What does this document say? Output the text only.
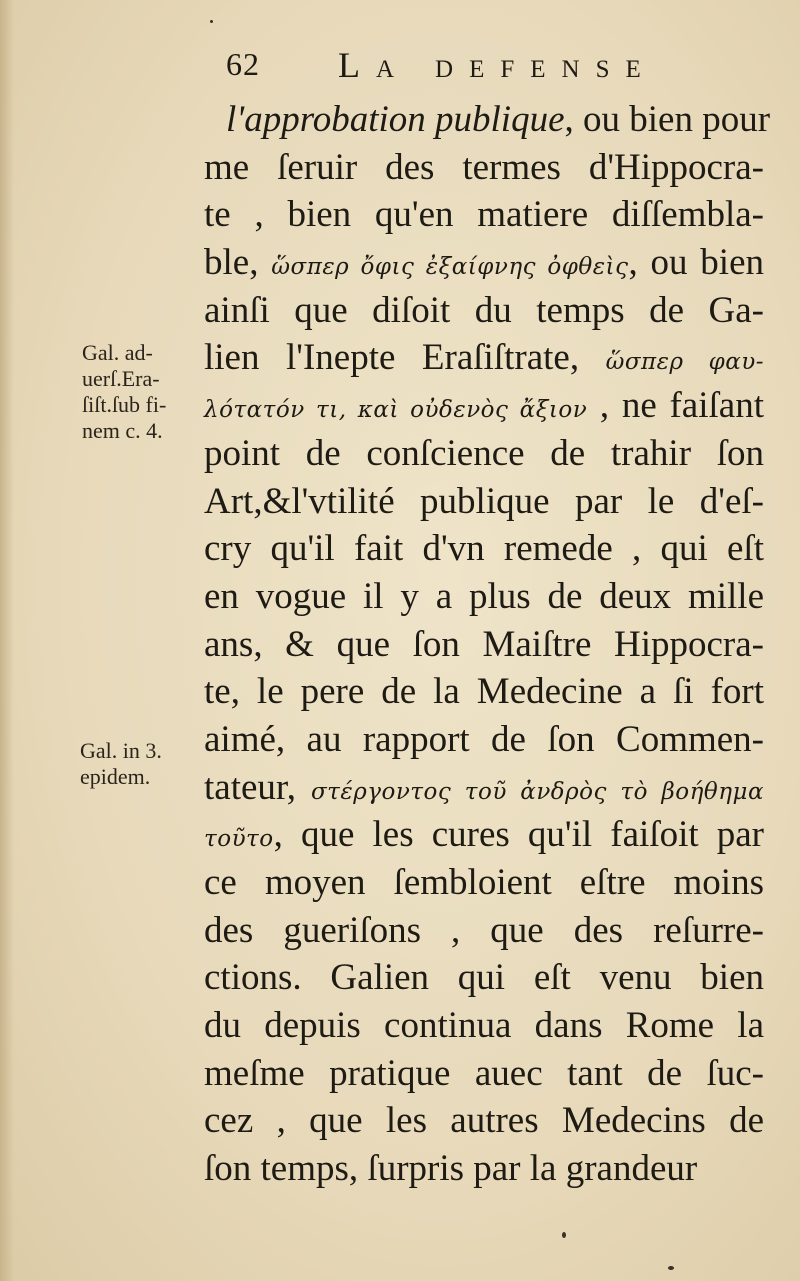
62 La defense
Gal. ad-
uerſ.Era-
ſiſt.ſub fi-
nem c. 4.
Gal. in 3.
epidem.
l'approbation publique, ou bien pour
me ſeruir des termes d'Hippocra-
te , bien qu'en matiere diſſembla-
ble, ὥσπερ ὄφις ἐξαίφνης ὀφθεὶς, ou bien
ainſi que diſoit du temps de Ga-
lien l'Inepte Eraſiſtrate, ὥσπερ φαυ-
λότατόν τι, καὶ οὐδενὸς ἄξιον , ne faiſant
point de conſcience de trahir ſon
Art,&l'vtilité publique par le d'eſ-
cry qu'il fait d'vn remede , qui eſt
en vogue il y a plus de deux mille
ans, & que ſon Maiſtre Hippocra-
te, le pere de la Medecine a ſi fort
aimé, au rapport de ſon Commen-
tateur, στέργοντος τοῦ ἀνδρὸς τὸ βοήθημα
τοῦτο, que les cures qu'il faiſoit par
ce moyen ſembloient eſtre moins
des gueriſons , que des reſurre-
ctions. Galien qui eſt venu bien
du depuis continua dans Rome la
meſme pratique auec tant de ſuc-
cez , que les autres Medecins de
ſon temps, ſurpris par la grandeur
